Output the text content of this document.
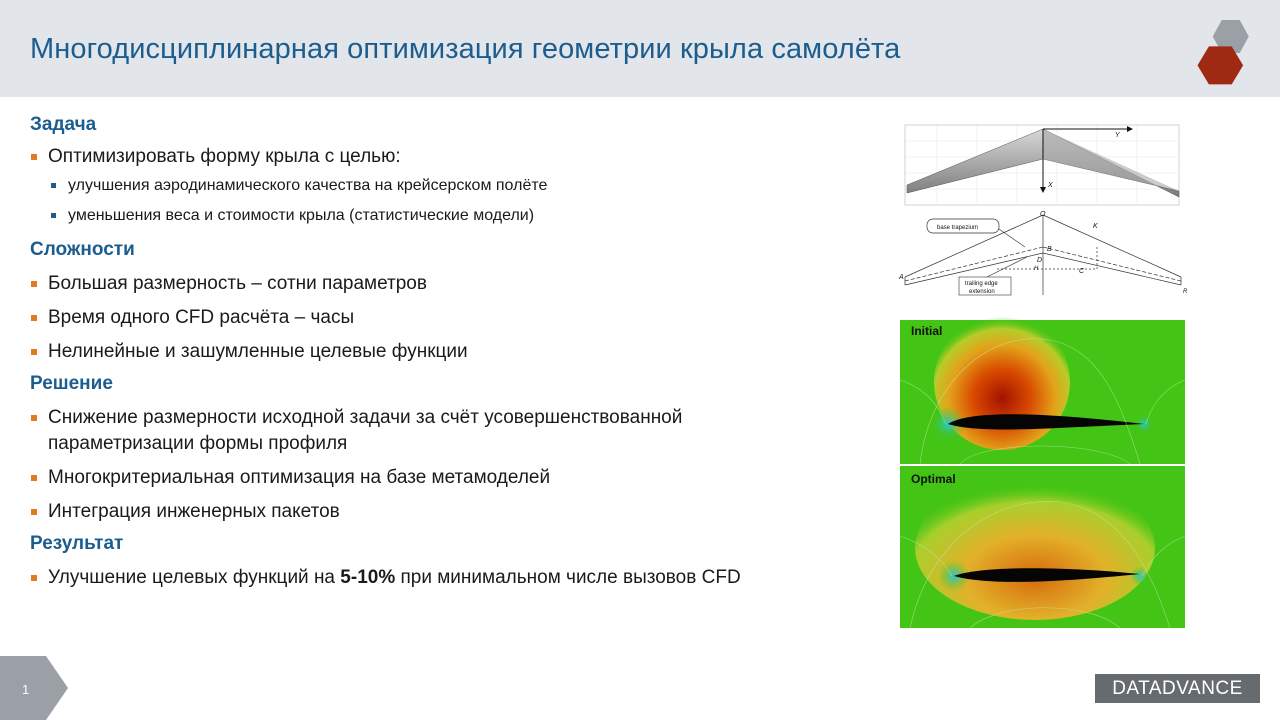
Многодисциплинарная оптимизация геометрии крыла самолёта
Задача
Оптимизировать форму крыла с целью:
улучшения аэродинамического качества на крейсерском полёте
уменьшения веса и стоимости крыла (статистические модели)
Сложности
Большая размерность – сотни параметров
Время одного CFD расчёта – часы
Нелинейные и зашумленные целевые функции
Решение
Снижение размерности исходной задачи за счёт усовершенствованной
параметризации формы профиля
Многокритериальная оптимизация на базе метамоделей
Интеграция инженерных пакетов
Результат
Улучшение целевых функций на 5-10% при минимальном числе вызовов CFD
Y
X
base trapezium
trailing edge
extension
O
K
A
B
C
D
H
R
Initial
Optimal
1	DATADVANCE
